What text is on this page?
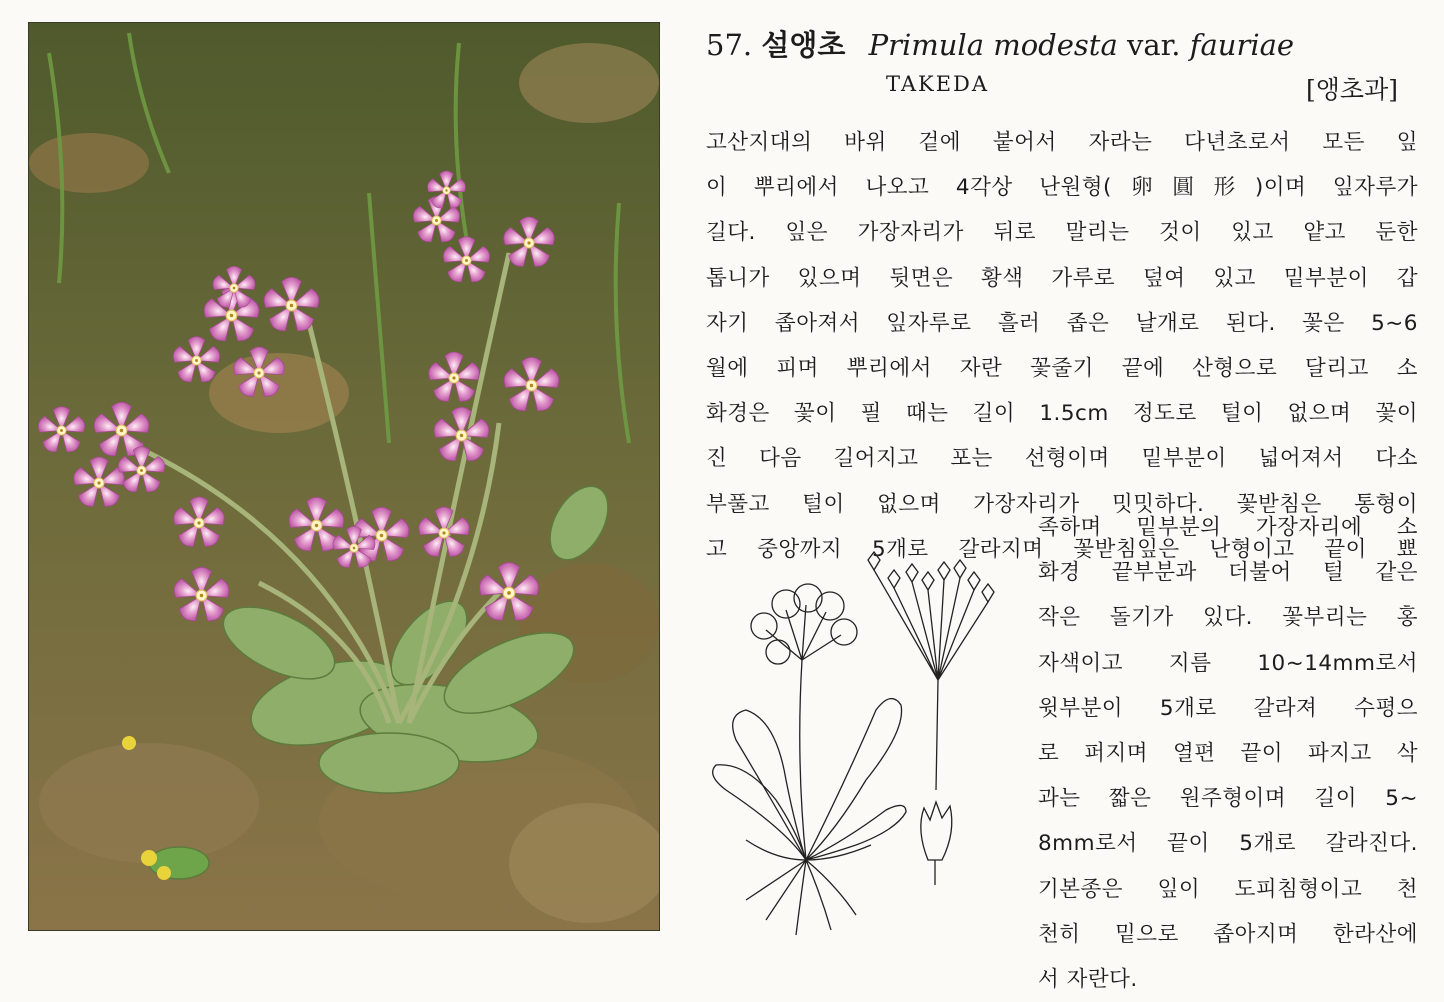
57. 설앵초 Primula modesta var. fauriae
TAKEDA	[앵초과]
고산지대의 바위 겉에 붙어서 자라는 다년초로서 모든 잎
이 뿌리에서 나오고 4각상 난원형(卵圓形)이며 잎자루가
길다. 잎은 가장자리가 뒤로 말리는 것이 있고 얕고 둔한
톱니가 있으며 뒷면은 황색 가루로 덮여 있고 밑부분이 갑
자기 좁아져서 잎자루로 흘러 좁은 날개로 된다. 꽃은 5~6
월에 피며 뿌리에서 자란 꽃줄기 끝에 산형으로 달리고 소
화경은 꽃이 필 때는 길이 1.5cm 정도로 털이 없으며 꽃이
진 다음 길어지고 포는 선형이며 밑부분이 넓어져서 다소
부풀고 털이 없으며 가장자리가 밋밋하다. 꽃받침은 통형이
고 중앙까지 5개로 갈라지며 꽃받침잎은 난형이고 끝이 뾰
족하며 밑부분의 가장자리에 소
화경 끝부분과 더불어 털 같은
작은 돌기가 있다. 꽃부리는 홍
자색이고 지름 10~14mm로서
윗부분이 5개로 갈라져 수평으
로 퍼지며 열편 끝이 파지고 삭
과는 짧은 원주형이며 길이 5~
8mm로서 끝이 5개로 갈라진다.
기본종은 잎이 도피침형이고 천
천히 밑으로 좁아지며 한라산에
서 자란다.
